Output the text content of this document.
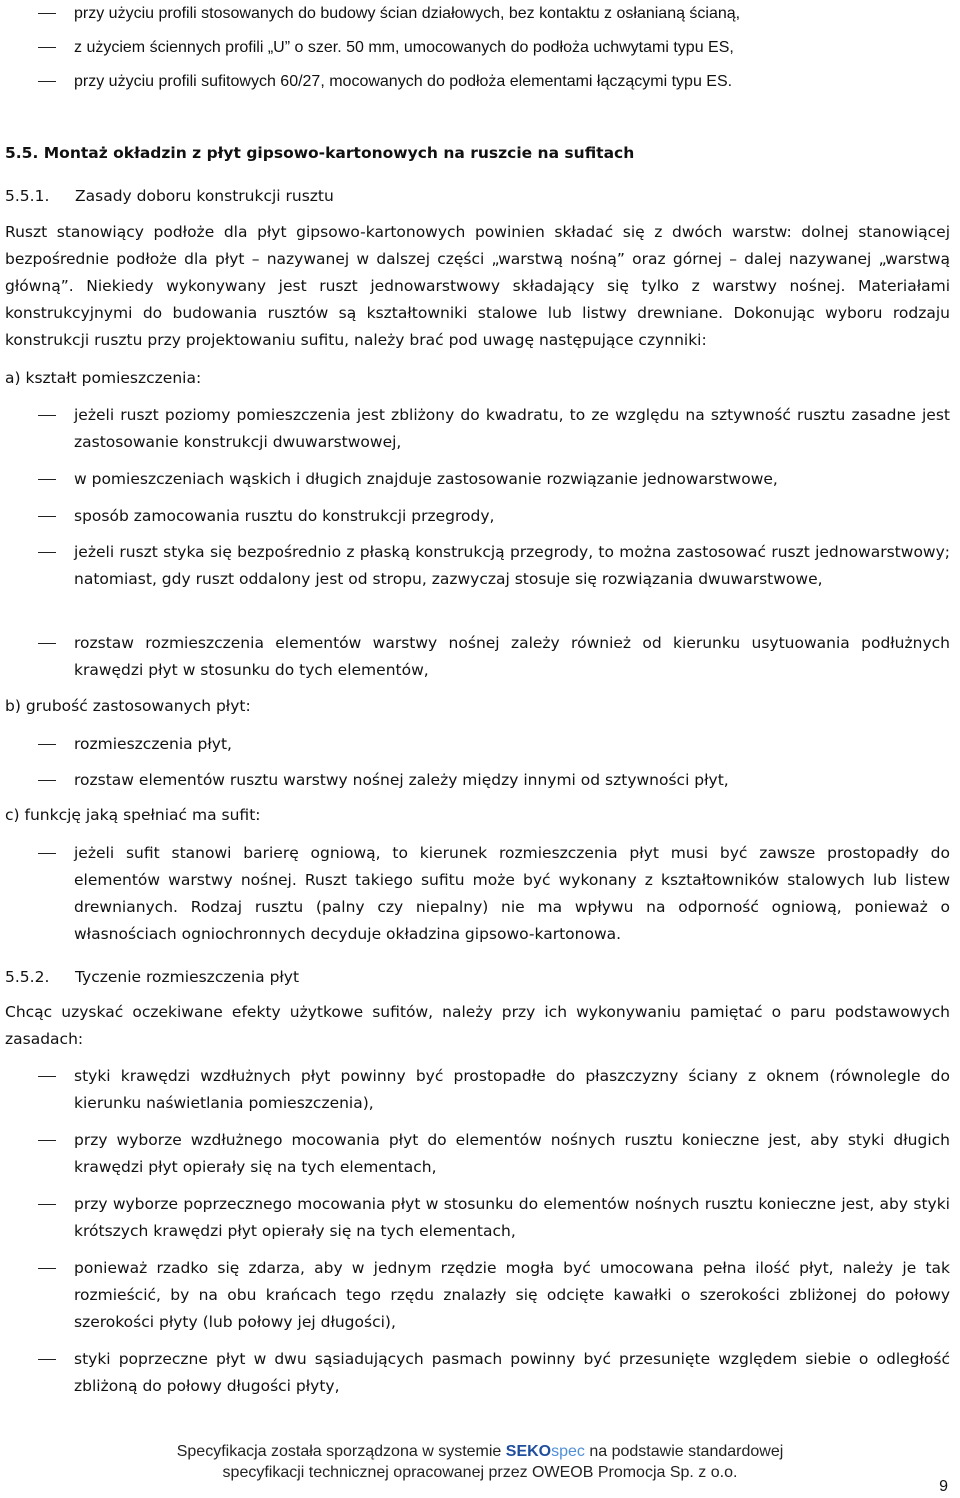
przy użyciu profili stosowanych do budowy ścian działowych, bez kontaktu z osłanianą ścianą,
z użyciem ściennych profili „U” o szer. 50 mm, umocowanych do podłoża uchwytami typu ES,
przy użyciu profili sufitowych 60/27, mocowanych do podłoża elementami łączącymi typu ES.
5.5. Montaż okładzin z płyt gipsowo-kartonowych na ruszcie na sufitach
5.5.1. Zasady doboru konstrukcji rusztu
Ruszt stanowiący podłoże dla płyt gipsowo-kartonowych powinien składać się z dwóch warstw: dolnej stanowiącej bezpośrednie podłoże dla płyt – nazywanej w dalszej części „warstwą nośną” oraz górnej – dalej nazywanej „warstwą główną”. Niekiedy wykonywany jest ruszt jednowarstwowy składający się tylko z warstwy nośnej. Materiałami konstrukcyjnymi do budowania rusztów są kształtowniki stalowe lub listwy drewniane. Dokonując wyboru rodzaju konstrukcji rusztu przy projektowaniu sufitu, należy brać pod uwagę następujące czynniki:
a) kształt pomieszczenia:
jeżeli ruszt poziomy pomieszczenia jest zbliżony do kwadratu, to ze względu na sztywność rusztu zasadne jest zastosowanie konstrukcji dwuwarstwowej,
w pomieszczeniach wąskich i długich znajduje zastosowanie rozwiązanie jednowarstwowe,
sposób zamocowania rusztu do konstrukcji przegrody,
jeżeli ruszt styka się bezpośrednio z płaską konstrukcją przegrody, to można zastosować ruszt jednowarstwowy; natomiast, gdy ruszt oddalony jest od stropu, zazwyczaj stosuje się rozwiązania dwuwarstwowe,
rozstaw rozmieszczenia elementów warstwy nośnej zależy również od kierunku usytuowania podłużnych krawędzi płyt w stosunku do tych elementów,
b) grubość zastosowanych płyt:
rozmieszczenia płyt,
rozstaw elementów rusztu warstwy nośnej zależy między innymi od sztywności płyt,
c) funkcję jaką spełniać ma sufit:
jeżeli sufit stanowi barierę ogniową, to kierunek rozmieszczenia płyt musi być zawsze prostopadły do elementów warstwy nośnej. Ruszt takiego sufitu może być wykonany z kształtowników stalowych lub listew drewnianych. Rodzaj rusztu (palny czy niepalny) nie ma wpływu na odporność ogniową, ponieważ o własnościach ogniochronnych decyduje okładzina gipsowo-kartonowa.
5.5.2. Tyczenie rozmieszczenia płyt
Chcąc uzyskać oczekiwane efekty użytkowe sufitów, należy przy ich wykonywaniu pamiętać o paru podstawowych zasadach:
styki krawędzi wzdłużnych płyt powinny być prostopadłe do płaszczyzny ściany z oknem (równolegle do kierunku naświetlania pomieszczenia),
przy wyborze wzdłużnego mocowania płyt do elementów nośnych rusztu konieczne jest, aby styki długich krawędzi płyt opierały się na tych elementach,
przy wyborze poprzecznego mocowania płyt w stosunku do elementów nośnych rusztu konieczne jest, aby styki krótszych krawędzi płyt opierały się na tych elementach,
ponieważ rzadko się zdarza, aby w jednym rzędzie mogła być umocowana pełna ilość płyt, należy je tak rozmieścić, by na obu krańcach tego rzędu znalazły się odcięte kawałki o szerokości zbliżonej do połowy szerokości płyty (lub połowy jej długości),
styki poprzeczne płyt w dwu sąsiadujących pasmach powinny być przesunięte względem siebie o odległość zbliżoną do połowy długości płyty,
Specyfikacja została sporządzona w systemie SEKOspec na podstawie standardowej
specyfikacji technicznej opracowanej przez OWEOB Promocja Sp. z o.o.
9
